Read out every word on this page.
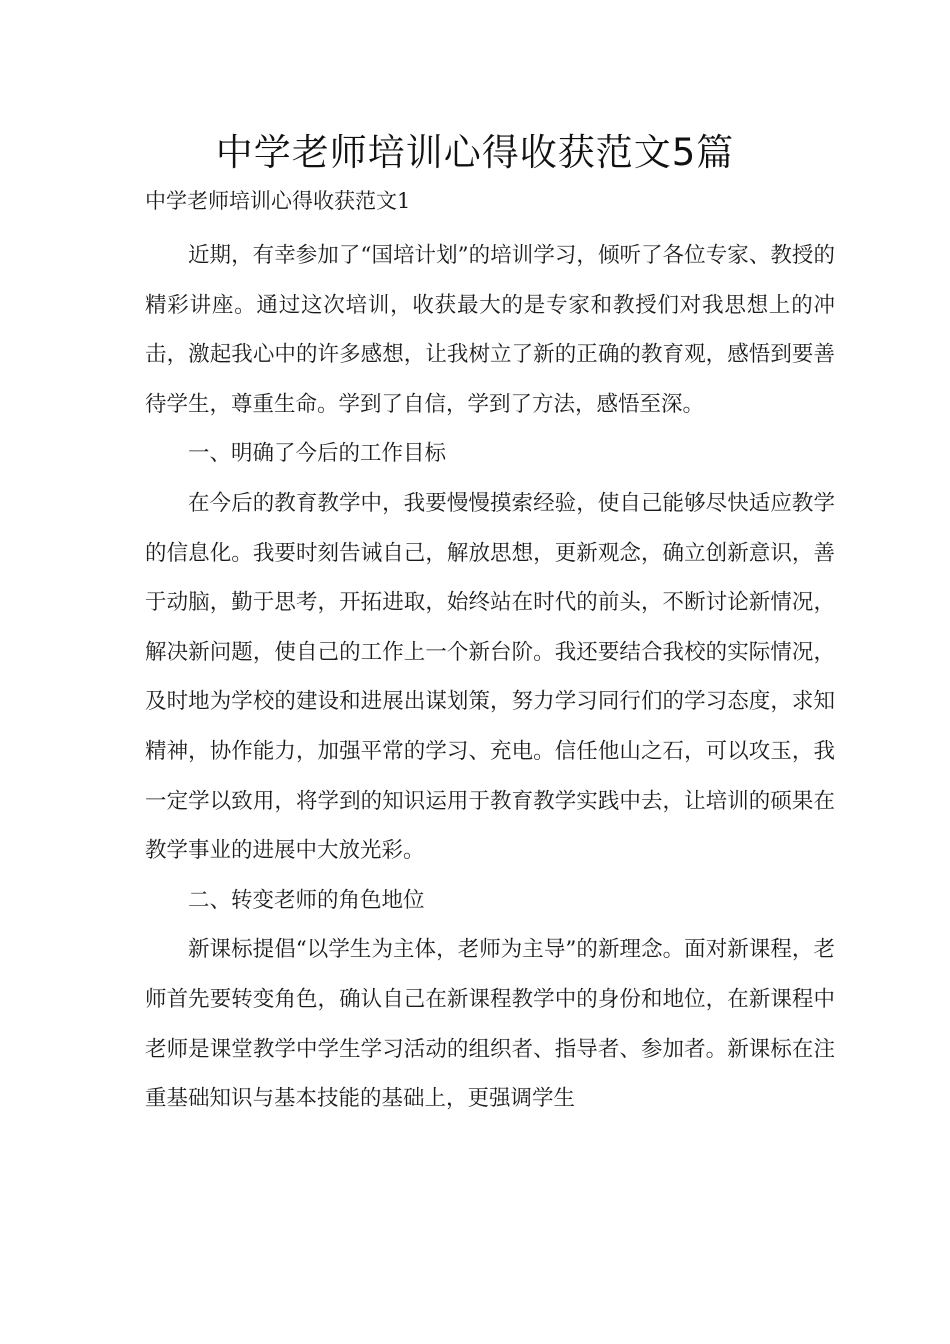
中学老师培训心得收获范文5篇
中学老师培训心得收获范文1

近期，有幸参加了“国培计划”的培训学习，倾听了各位专家、教授的精彩讲座。通过这次培训，收获最大的是专家和教授们对我思想上的冲击，激起我心中的许多感想，让我树立了新的正确的教育观，感悟到要善待学生，尊重生命。学到了自信，学到了方法，感悟至深。

一、明确了今后的工作目标

在今后的教育教学中，我要慢慢摸索经验，使自己能够尽快适应教学的信息化。我要时刻告诫自己，解放思想，更新观念，确立创新意识，善于动脑，勤于思考，开拓进取，始终站在时代的前头，不断讨论新情况，解决新问题，使自己的工作上一个新台阶。我还要结合我校的实际情况，及时地为学校的建设和进展出谋划策，努力学习同行们的学习态度，求知精神，协作能力，加强平常的学习、充电。信任他山之石，可以攻玉，我一定学以致用，将学到的知识运用于教育教学实践中去，让培训的硕果在教学事业的进展中大放光彩。

二、转变老师的角色地位

新课标提倡“以学生为主体，老师为主导”的新理念。面对新课程，老师首先要转变角色，确认自己在新课程教学中的身份和地位，在新课程中老师是课堂教学中学生学习活动的组织者、指导者、参加者。新课标在注重基础知识与基本技能的基础上，更强调学生
